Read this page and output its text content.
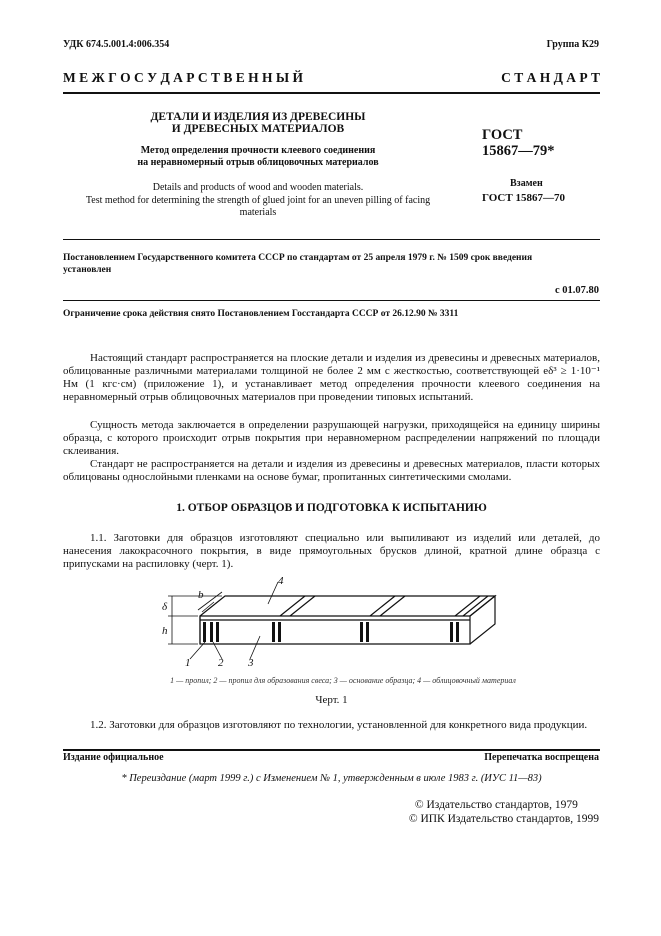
УДК 674.5.001.4:006.354	Группа К29
М Е Ж Г О С У Д А Р С Т В Е Н Н Ы Й	С Т А Н Д А Р Т
ДЕТАЛИ И ИЗДЕЛИЯ ИЗ ДРЕВЕСИНЫ
И ДРЕВЕСНЫХ МАТЕРИАЛОВ
Метод определения прочности клеевого соединения
на неравномерный отрыв облицовочных материалов
Details and products of wood and wooden materials.
Test method for determining the strength of glued joint for an uneven pilling of facing
materials
ГОСТ
15867—79*
Взамен
ГОСТ 15867—70
Постановлением Государственного комитета СССР по стандартам от 25 апреля 1979 г. № 1509 срок введения
установлен
с 01.07.80
Ограничение срока действия снято Постановлением Госстандарта СССР от 26.12.90 № 3311
Настоящий стандарт распространяется на плоские детали и изделия из древесины и древесных материалов, облицованные различными материалами толщиной не более 2 мм с жесткостью, соответствующей еδ³ ≥ 1·10⁻¹ Нм (1 кгс·см) (приложение 1), и устанавливает метод определения прочности клеевого соединения на неравномерный отрыв облицовочных материалов при проведении типовых испытаний.
Сущность метода заключается в определении разрушающей нагрузки, приходящейся на единицу ширины образца, с которого происходит отрыв покрытия при неравномерном распределении напряжений по площади склеивания.
Стандарт не распространяется на детали и изделия из древесины и древесных материалов, пласти которых облицованы однослойными пленками на основе бумаг, пропитанных синтетическими смолами.
1. ОТБОР ОБРАЗЦОВ И ПОДГОТОВКА К ИСПЫТАНИЮ
1.1. Заготовки для образцов изготовляют специально или выпиливают из изделий или деталей, до нанесения лакокрасочного покрытия, в виде прямоугольных брусков длиной, кратной длине образца с припусками на распиловку (черт. 1).
b
δ
h
1	2 3
4
1 — пропил; 2 — пропил для образования свеса; 3 — основание образца; 4 — облицовочный материал
Черт. 1
1.2. Заготовки для образцов изготовляют по технологии, установленной для конкретного вида продукции.
Издание официальное	Перепечатка воспрещена
* Переиздание (март 1999 г.) с Изменением № 1, утвержденным в июле 1983 г. (ИУС 11—83)
© Издательство стандартов, 1979
© ИПК Издательство стандартов, 1999
